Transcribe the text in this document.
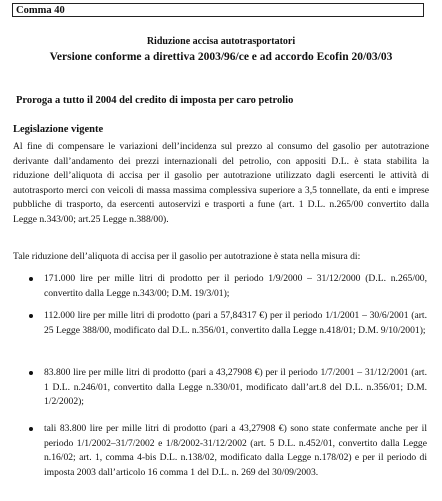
Comma 40
Riduzione accisa autotrasportatori
Versione conforme a direttiva 2003/96/ce e ad accordo Ecofin 20/03/03
Proroga a tutto il 2004 del credito di imposta per caro petrolio
Legislazione vigente
Al fine di compensare le variazioni dell’incidenza sul prezzo al consumo del gasolio per autotrazione derivante dall’andamento dei prezzi internazionali del petrolio, con appositi D.L. è stata stabilita la riduzione dell’aliquota di accisa per il gasolio per autotrazione utilizzato dagli esercenti le attività di autotrasporto merci con veicoli di massa massima complessiva superiore a 3,5 tonnellate, da enti e imprese pubbliche di trasporto, da esercenti autoservizi e trasporti a fune (art. 1 D.L. n.265/00 convertito dalla Legge n.343/00; art.25 Legge n.388/00).
Tale riduzione dell’aliquota di accisa per il gasolio per autotrazione è stata nella misura di:
171.000 lire per mille litri di prodotto per il periodo 1/9/2000 – 31/12/2000 (D.L. n.265/00, convertito dalla Legge n.343/00; D.M. 19/3/01);
112.000 lire per mille litri di prodotto (pari a 57,84317 €) per il periodo 1/1/2001 – 30/6/2001 (art. 25 Legge 388/00, modificato dal D.L. n.356/01, convertito dalla Legge n.418/01; D.M. 9/10/2001);
83.800 lire per mille litri di prodotto (pari a 43,27908 €) per il periodo 1/7/2001 – 31/12/2001 (art. 1 D.L. n.246/01, convertito dalla Legge n.330/01, modificato dall’art.8 del D.L. n.356/01; D.M. 1/2/2002);
tali 83.800 lire per mille litri di prodotto (pari a 43,27908 €) sono state confermate anche per il periodo 1/1/2002–31/7/2002 e 1/8/2002-31/12/2002 (art. 5 D.L. n.452/01, convertito dalla Legge n.16/02; art. 1, comma 4-bis D.L. n.138/02, modificato dalla Legge n.178/02) e per il periodo di imposta 2003 dall’articolo 16 comma 1 del D.L. n. 269 del 30/09/2003.
